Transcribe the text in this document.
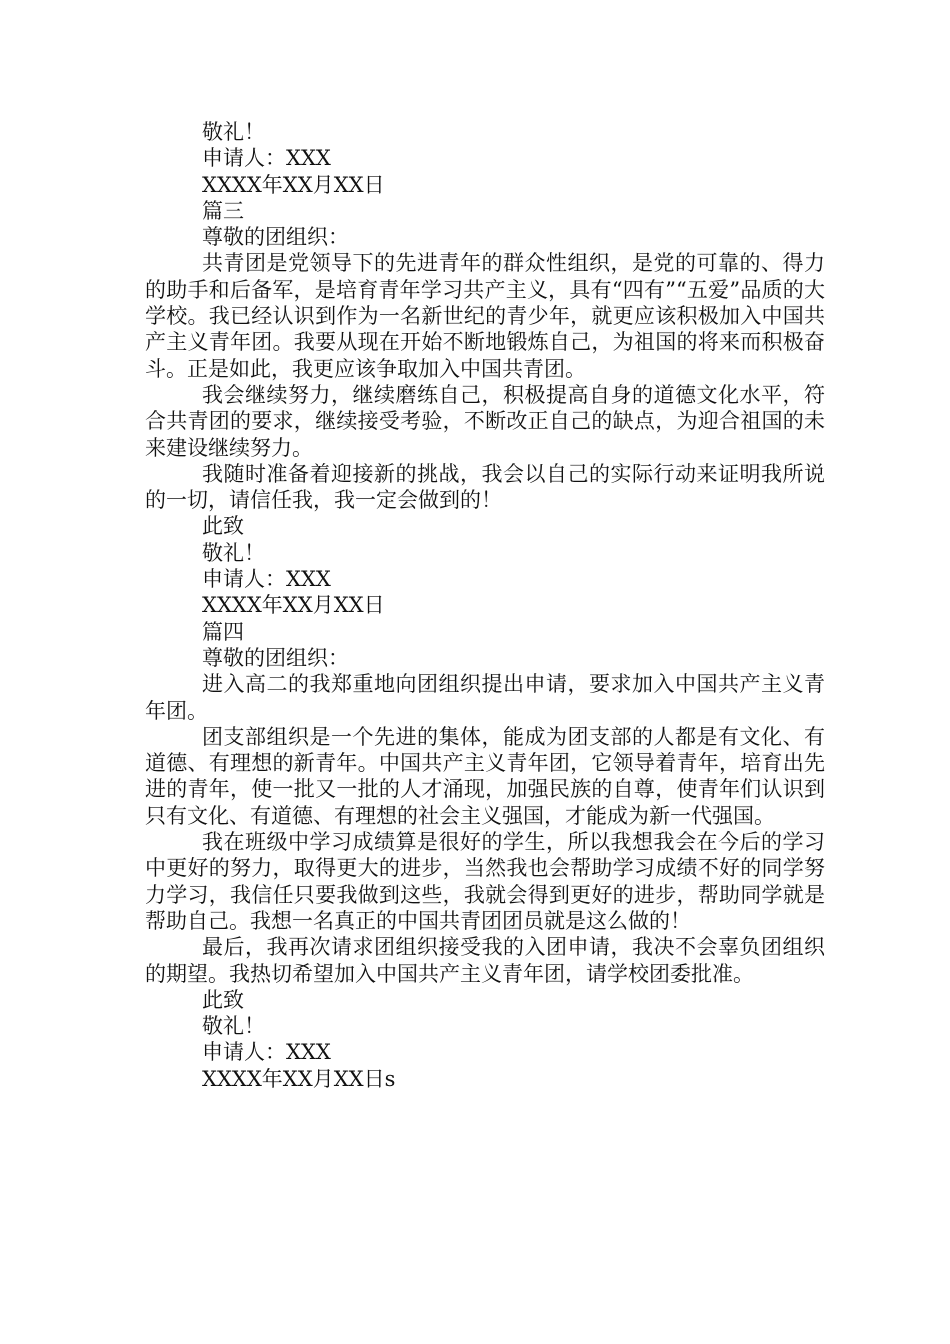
敬礼！

申请人：XXX

XXXX年XX月XX日

篇三

尊敬的团组织：

共青团是党领导下的先进青年的群众性组织，是党的可靠的、得力的助手和后备军，是培育青年学习共产主义，具有“四有”“五爱”品质的大学校。我已经认识到作为一名新世纪的青少年，就更应该积极加入中国共产主义青年团。我要从现在开始不断地锻炼自己，为祖国的将来而积极奋斗。正是如此，我更应该争取加入中国共青团。

我会继续努力，继续磨练自己，积极提高自身的道德文化水平，符合共青团的要求，继续接受考验，不断改正自己的缺点，为迎合祖国的未来建设继续努力。

我随时准备着迎接新的挑战，我会以自己的实际行动来证明我所说的一切，请信任我，我一定会做到的！

此致

敬礼！

申请人：XXX

XXXX年XX月XX日

篇四

尊敬的团组织：

进入高二的我郑重地向团组织提出申请，要求加入中国共产主义青年团。

团支部组织是一个先进的集体，能成为团支部的人都是有文化、有道德、有理想的新青年。中国共产主义青年团，它领导着青年，培育出先进的青年，使一批又一批的人才涌现，加强民族的自尊，使青年们认识到只有文化、有道德、有理想的社会主义强国，才能成为新一代强国。

我在班级中学习成绩算是很好的学生，所以我想我会在今后的学习中更好的努力，取得更大的进步，当然我也会帮助学习成绩不好的同学努力学习，我信任只要我做到这些，我就会得到更好的进步，帮助同学就是帮助自己。我想一名真正的中国共青团团员就是这么做的！

最后，我再次请求团组织接受我的入团申请，我决不会辜负团组织的期望。我热切希望加入中国共产主义青年团，请学校团委批准。

此致

敬礼！

申请人：XXX

XXXX年XX月XX日s
